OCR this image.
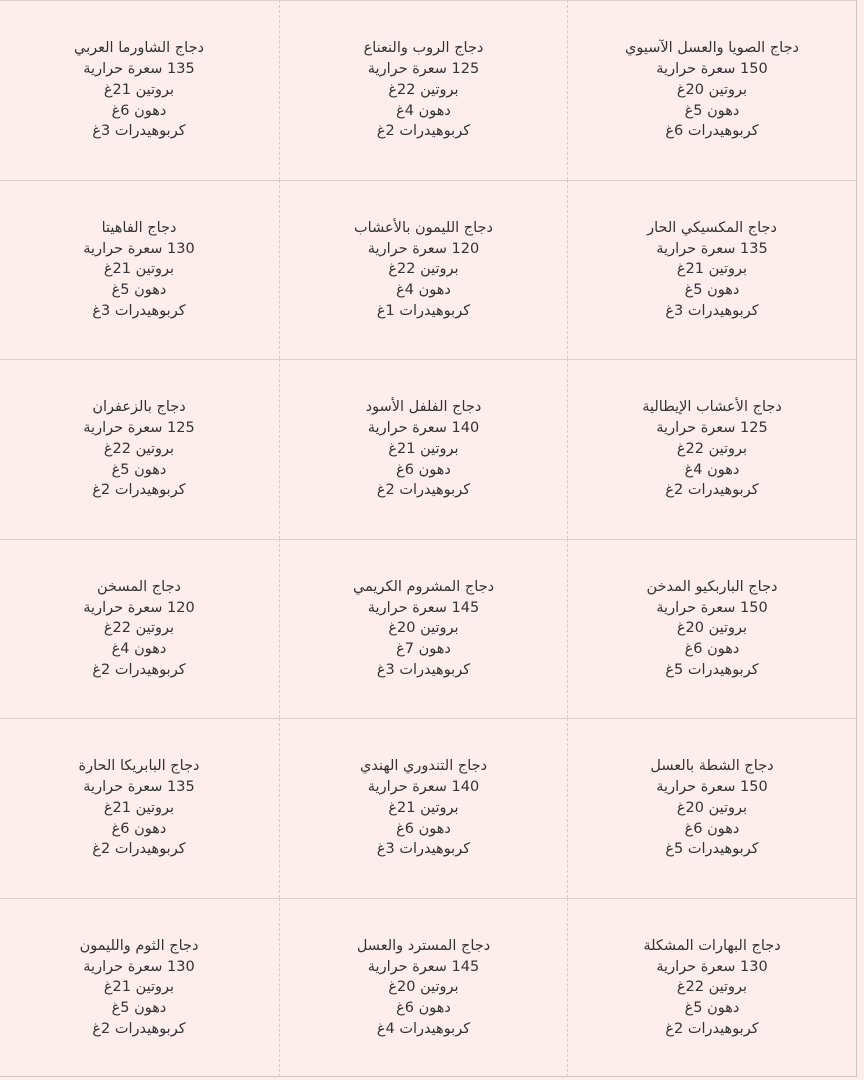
دجاج الصويا والعسل الآسيوي
150 سعرة حرارية
بروتين 20غ
دهون 5غ
كربوهيدرات 6غ
دجاج الروب والنعناع
125 سعرة حرارية
بروتين 22غ
دهون 4غ
كربوهيدرات 2غ
دجاج الشاورما العربي
135 سعرة حرارية
بروتين 21غ
دهون 6غ
كربوهيدرات 3غ
دجاج المكسيكي الحار
135 سعرة حرارية
بروتين 21غ
دهون 5غ
كربوهيدرات 3غ
دجاج الليمون بالأعشاب
120 سعرة حرارية
بروتين 22غ
دهون 4غ
كربوهيدرات 1غ
دجاج الفاهيتا
130 سعرة حرارية
بروتين 21غ
دهون 5غ
كربوهيدرات 3غ
دجاج الأعشاب الإيطالية
125 سعرة حرارية
بروتين 22غ
دهون 4غ
كربوهيدرات 2غ
دجاج الفلفل الأسود
140 سعرة حرارية
بروتين 21غ
دهون 6غ
كربوهيدرات 2غ
دجاج بالزعفران
125 سعرة حرارية
بروتين 22غ
دهون 5غ
كربوهيدرات 2غ
دجاج الباربكيو المدخن
150 سعرة حرارية
بروتين 20غ
دهون 6غ
كربوهيدرات 5غ
دجاج المشروم الكريمي
145 سعرة حرارية
بروتين 20غ
دهون 7غ
كربوهيدرات 3غ
دجاج المسخن
120 سعرة حرارية
بروتين 22غ
دهون 4غ
كربوهيدرات 2غ
دجاج الشطة بالعسل
150 سعرة حرارية
بروتين 20غ
دهون 6غ
كربوهيدرات 5غ
دجاج التندوري الهندي
140 سعرة حرارية
بروتين 21غ
دهون 6غ
كربوهيدرات 3غ
دجاج البابريكا الحارة
135 سعرة حرارية
بروتين 21غ
دهون 6غ
كربوهيدرات 2غ
دجاج البهارات المشكلة
130 سعرة حرارية
بروتين 22غ
دهون 5غ
كربوهيدرات 2غ
دجاج المسترد والعسل
145 سعرة حرارية
بروتين 20غ
دهون 6غ
كربوهيدرات 4غ
دجاج الثوم والليمون
130 سعرة حرارية
بروتين 21غ
دهون 5غ
كربوهيدرات 2غ
